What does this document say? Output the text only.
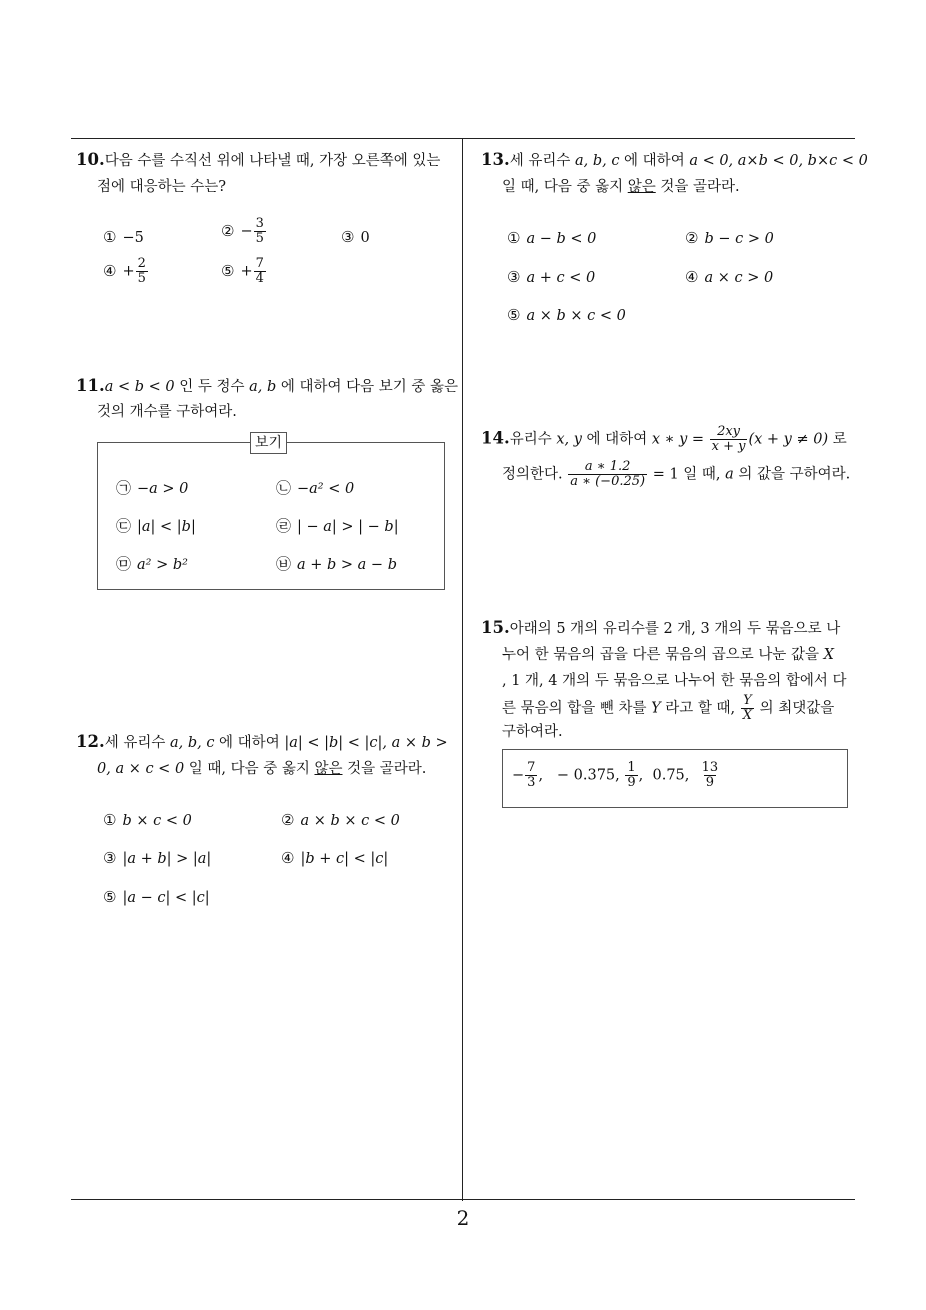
2
10.다음 수를 수직선 위에 나타낼 때, 가장 오른쪽에 있는
점에 대응하는 수는?
① −5	② − $\frac{3}{5}$	③ 0
④ + $\frac{2}{5}$	⑤ + $\frac{7}{4}$
11.a < b < 0 인 두 정수 a, b 에 대하여 다음 보기 중 옳은
것의 개수를 구하여라.
보기
㉠ −a > 0	㉡ −a² < 0
㉢ |a| < |b|	㉣ | − a| > | − b|
㉤ a² > b²	㉥ a + b > a − b
12.세 유리수 a, b, c 에 대하여 |a| < |b| < |c|, a × b >
0, a × c < 0 일 때, 다음 중 옳지 않은 것을 골라라.
① b × c < 0	② a × b × c < 0
③ |a + b| > |a|	④ |b + c| < |c|
⑤ |a − c| < |c|
13.세 유리수 a, b, c 에 대하여 a < 0, a×b < 0, b×c < 0
일 때, 다음 중 옳지 않은 것을 골라라.
① a − b < 0	② b − c > 0
③ a + c < 0	④ a × c > 0
⑤ a × b × c < 0
14.유리수 x, y 에 대하여 x ∗ $y = \frac{2xy}{x + y} (x + y \ne 0)$ 로
정의한다. $\frac{a ∗ 1.2}{a ∗ (-0.25)} = 1$ 일 때, a 의 값을 구하여라.
15.아래의 5 개의 유리수를 2 개, 3 개의 두 묶음으로 나
누어 한 묶음의 곱을 다른 묶음의 곱으로 나눈 값을 X
, 1 개, 4 개의 두 묶음으로 나누어 한 묶음의 합에서 다
른 묶음의 합을 뺀 차를 Y 라고 할 때, $\frac{Y}{X}$ 의 최댓값을
구하여라.
− $\frac{7}{3}$ ,   − 0.375, $\frac{1}{9}$ ,  0.75, $\frac{13}{9}$
